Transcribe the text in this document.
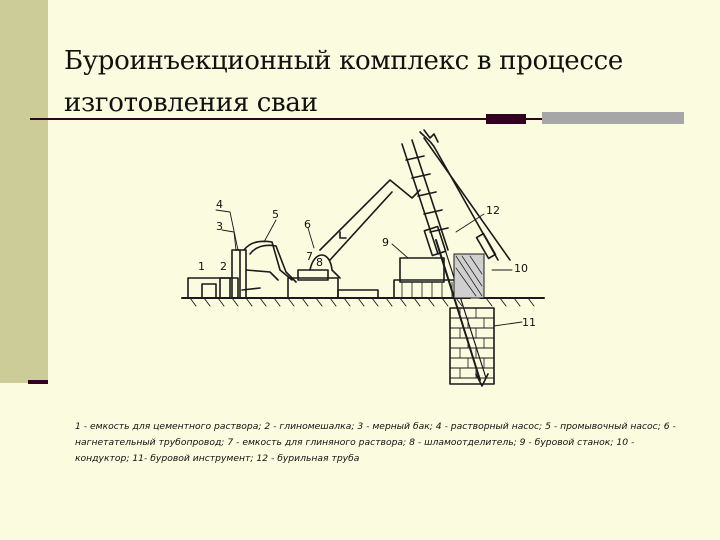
Буроинъекционный комплекс в процессе
изготовления сваи
1 2
3
4
5
6
7 8
9
10
11
12
1 - емкость для цементного раствора; 2 - глиномешалка; 3 - мерный бак; 4 - растворный насос; 5 - промывочный насос; 6 - нагнетательный трубопровод; 7 - емкость для глиняного раствора; 8 - шламоотделитель; 9 - буровой станок; 10 - кондуктор; 11- буровой инструмент; 12 - бурильная труба
